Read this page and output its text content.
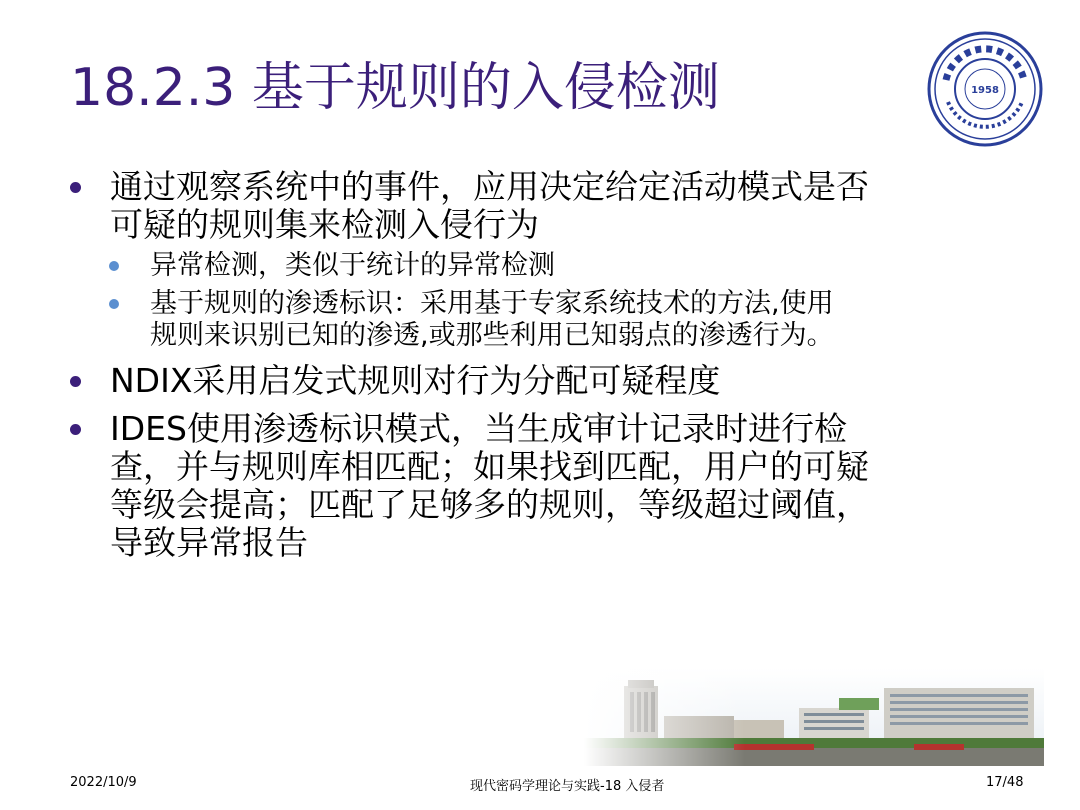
18.2.3 基于规则的入侵检测	1958
通过观察系统中的事件，应用决定给定活动模式是否
可疑的规则集来检测入侵行为
异常检测，类似于统计的异常检测
基于规则的渗透标识：采用基于专家系统技术的方法,使用
规则来识别已知的渗透,或那些利用已知弱点的渗透行为。
NDIX采用启发式规则对行为分配可疑程度
IDES使用渗透标识模式，当生成审计记录时进行检
查，并与规则库相匹配；如果找到匹配，用户的可疑
等级会提高；匹配了足够多的规则，等级超过阈值，
导致异常报告
2022/10/9	现代密码学理论与实践-18 入侵者	17/48
